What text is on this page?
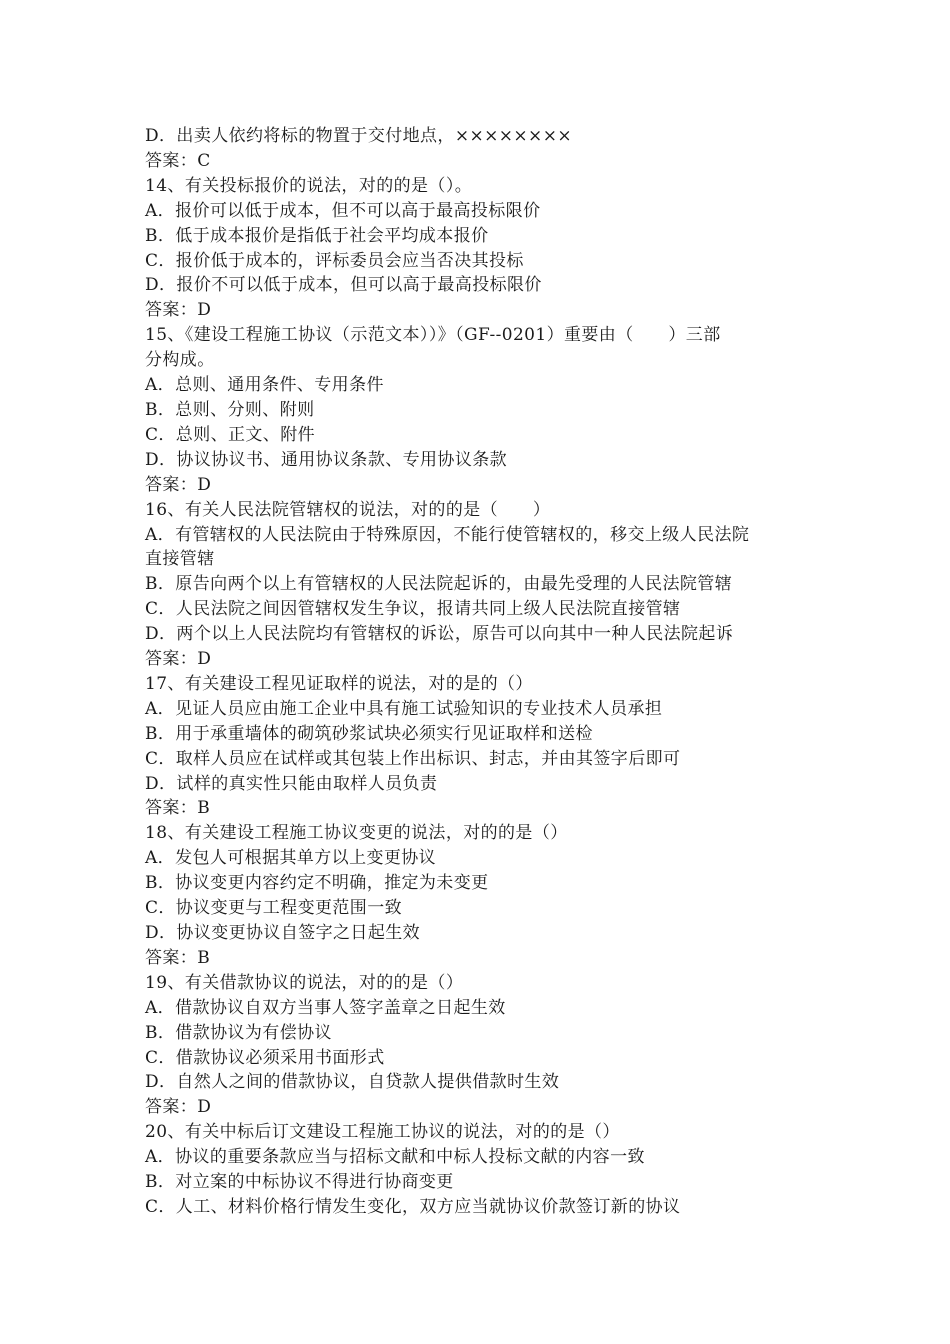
D．出卖人依约将标的物置于交付地点，××××××××
答案：C
14、有关投标报价的说法，对的的是（）。
A．报价可以低于成本，但不可以高于最高投标限价
B．低于成本报价是指低于社会平均成本报价
C．报价低于成本的，评标委员会应当否决其投标
D．报价不可以低于成本，但可以高于最高投标限价
答案：D
15、《建设工程施工协议（示范文本））》（GF--0201）重要由（　　）三部
分构成。
A．总则、通用条件、专用条件
B．总则、分则、附则
C．总则、正文、附件
D．协议协议书、通用协议条款、专用协议条款
答案：D
16、有关人民法院管辖权的说法，对的的是（　　）
A．有管辖权的人民法院由于特殊原因，不能行使管辖权的，移交上级人民法院
直接管辖
B．原告向两个以上有管辖权的人民法院起诉的，由最先受理的人民法院管辖
C．人民法院之间因管辖权发生争议，报请共同上级人民法院直接管辖
D．两个以上人民法院均有管辖权的诉讼，原告可以向其中一种人民法院起诉
答案：D
17、有关建设工程见证取样的说法，对的是的（）
A．见证人员应由施工企业中具有施工试验知识的专业技术人员承担
B．用于承重墙体的砌筑砂浆试块必须实行见证取样和送检
C．取样人员应在试样或其包装上作出标识、封志，并由其签字后即可
D．试样的真实性只能由取样人员负责
答案：B
18、有关建设工程施工协议变更的说法，对的的是（）
A．发包人可根据其单方以上变更协议
B．协议变更内容约定不明确，推定为未变更
C．协议变更与工程变更范围一致
D．协议变更协议自签字之日起生效
答案：B
19、有关借款协议的说法，对的的是（）
A．借款协议自双方当事人签字盖章之日起生效
B．借款协议为有偿协议
C．借款协议必须采用书面形式
D．自然人之间的借款协议，自贷款人提供借款时生效
答案：D
20、有关中标后订文建设工程施工协议的说法，对的的是（）
A．协议的重要条款应当与招标文献和中标人投标文献的内容一致
B．对立案的中标协议不得进行协商变更
C．人工、材料价格行情发生变化，双方应当就协议价款签订新的协议
